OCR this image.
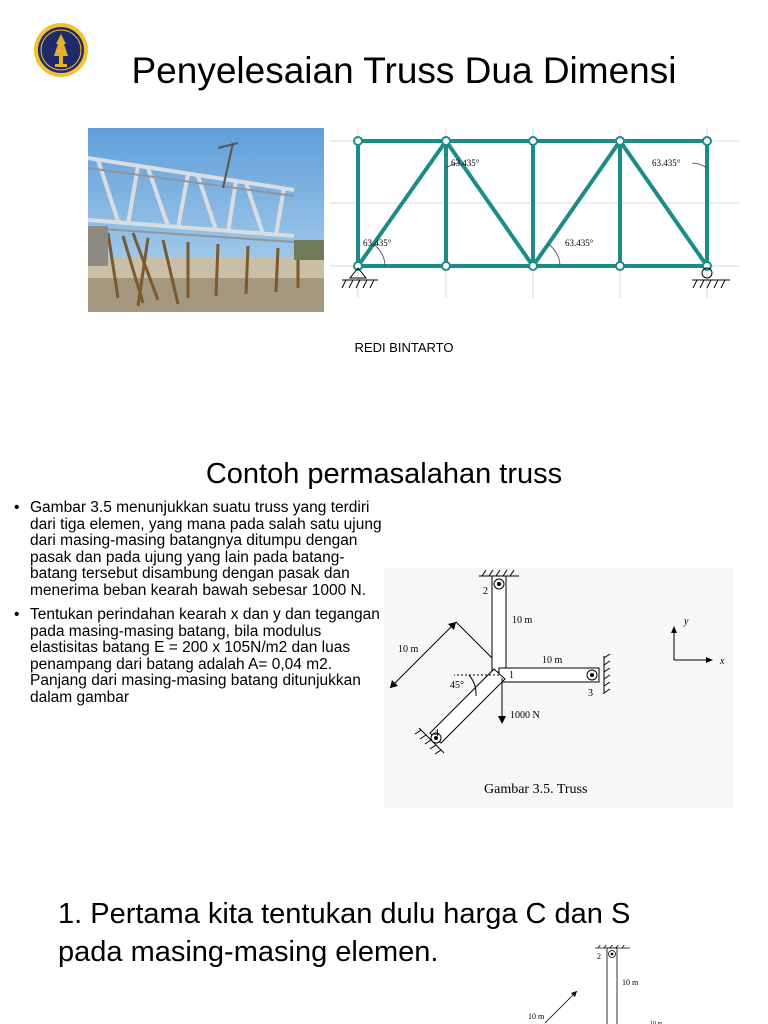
Penyelesaian Truss Dua Dimensi
63.435°	63.435°
63.435°	63.435°
REDI BINTARTO
Contoh permasalahan truss
• Gambar 3.5 menunjukkan suatu truss yang terdiri dari tiga elemen, yang mana pada salah satu ujung dari masing-masing batangnya ditumpu dengan pasak dan pada ujung yang lain pada batang-batang tersebut disambung dengan pasak dan menerima beban kearah bawah sebesar 1000 N.
• Tentukan perindahan kearah x dan y dan tegangan pada masing-masing batang, bila modulus elastisitas batang E = 200 x 105N/m2 dan luas penampang dari batang adalah A= 0,04 m2. Panjang dari masing-masing batang ditunjukkan dalam gambar
2
1
3
4
10 m
10 m
10 m
45°
1000 N
y
x
Gambar 3.5. Truss
1. Pertama kita tentukan dulu harga C dan S
pada masing-masing elemen.	2
10 m
10 m
10 m
